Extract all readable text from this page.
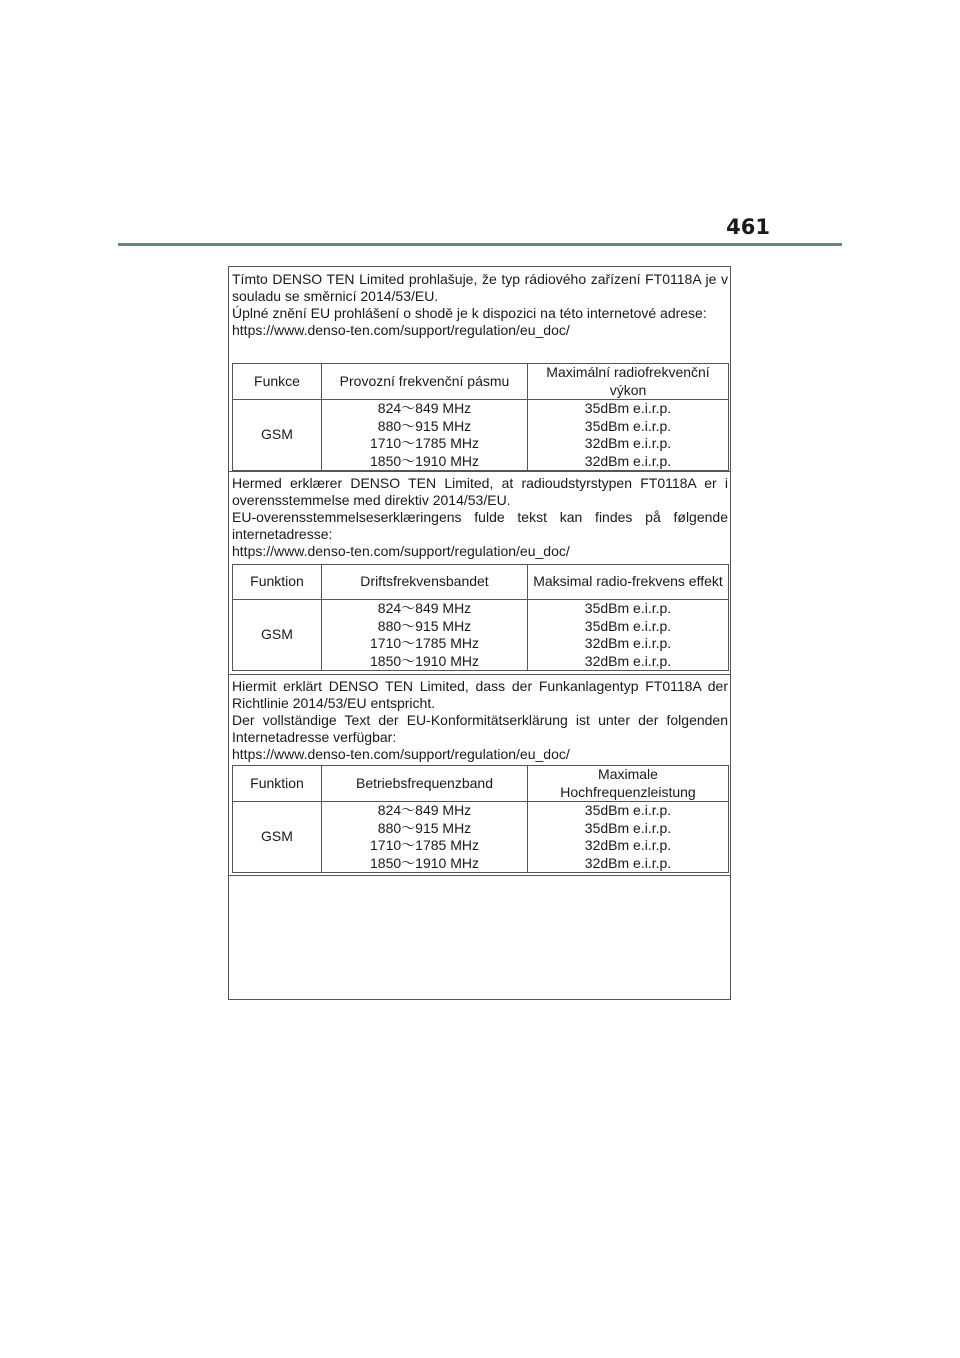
461

Tímto DENSO TEN Limited prohlašuje, že typ rádiového zařízení FT0118A je v souladu se směrnicí 2014/53/EU.

Úplné znění EU prohlášení o shodě je k dispozici na této internetové adrese:

https://www.denso-ten.com/support/regulation/eu_doc/

Funkce	Provozní frekvenční pásmu	Maximální radiofrekvenční výkon
GSM	824～849 MHz
880～915 MHz
1710～1785 MHz
1850～1910 MHz	35dBm e.i.r.p.
35dBm e.i.r.p.
32dBm e.i.r.p.
32dBm e.i.r.p.

Hermed erklærer DENSO TEN Limited, at radioudstyrstypen FT0118A er i overensstemmelse med direktiv 2014/53/EU.

EU-overensstemmelseserklæringens fulde tekst kan findes på følgende internetadresse:

https://www.denso-ten.com/support/regulation/eu_doc/

Funktion	Driftsfrekvensbandet	Maksimal radio-frekvens effekt
GSM	824～849 MHz
880～915 MHz
1710～1785 MHz
1850～1910 MHz	35dBm e.i.r.p.
35dBm e.i.r.p.
32dBm e.i.r.p.
32dBm e.i.r.p.

Hiermit erklärt DENSO TEN Limited, dass der Funkanlagentyp FT0118A der Richtlinie 2014/53/EU entspricht.

Der vollständige Text der EU-Konformitätserklärung ist unter der folgenden Internetadresse verfügbar:

https://www.denso-ten.com/support/regulation/eu_doc/

Funktion	Betriebsfrequenzband	Maximale Hochfrequenzleistung
GSM	824～849 MHz
880～915 MHz
1710～1785 MHz
1850～1910 MHz	35dBm e.i.r.p.
35dBm e.i.r.p.
32dBm e.i.r.p.
32dBm e.i.r.p.
